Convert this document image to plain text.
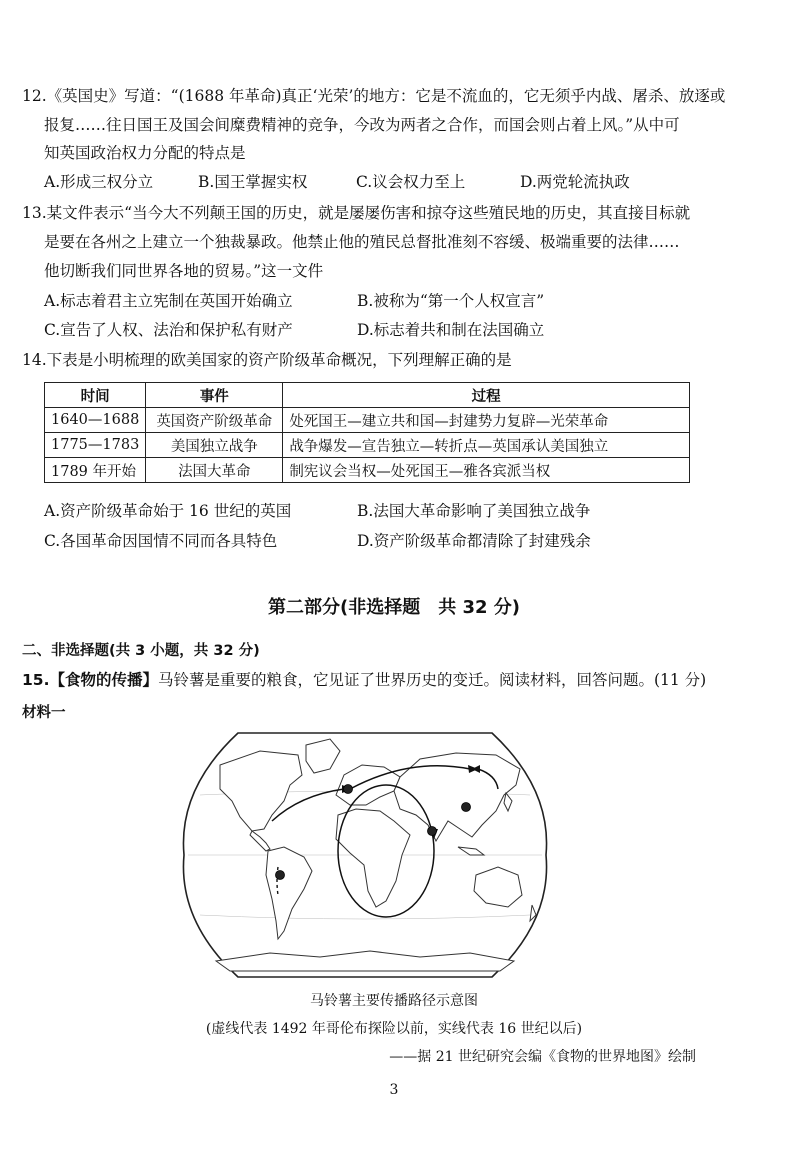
12.《英国史》写道：“(1688 年革命)真正‘光荣’的地方：它是不流血的，它无须乎内战、屠杀、放逐或
报复……往日国王及国会间糜费精神的竞争，今改为两者之合作，而国会则占着上风。”从中可
知英国政治权力分配的特点是
A.形成三权分立	B.国王掌握实权	C.议会权力至上	D.两党轮流执政
13.某文件表示“当今大不列颠王国的历史，就是屡屡伤害和掠夺这些殖民地的历史，其直接目标就
是要在各州之上建立一个独裁暴政。他禁止他的殖民总督批准刻不容缓、极端重要的法律……
他切断我们同世界各地的贸易。”这一文件
A.标志着君主立宪制在英国开始确立	B.被称为“第一个人权宣言”
C.宣告了人权、法治和保护私有财产	D.标志着共和制在法国确立
14.下表是小明梳理的欧美国家的资产阶级革命概况，下列理解正确的是
时间	事件	过程
1640—1688	英国资产阶级革命	处死国王—建立共和国—封建势力复辟—光荣革命
1775—1783	美国独立战争	战争爆发—宣告独立—转折点—英国承认美国独立
1789 年开始	法国大革命	制宪议会当权—处死国王—雅各宾派当权
A.资产阶级革命始于 16 世纪的英国	B.法国大革命影响了美国独立战争
C.各国革命因国情不同而各具特色	D.资产阶级革命都清除了封建残余
第二部分(非选择题　共 32 分)
二、非选择题(共 3 小题，共 32 分)
15.【食物的传播】马铃薯是重要的粮食，它见证了世界历史的变迁。阅读材料，回答问题。(11 分)
材料一
马铃薯主要传播路径示意图
(虚线代表 1492 年哥伦布探险以前，实线代表 16 世纪以后)
——据 21 世纪研究会编《食物的世界地图》绘制
3
